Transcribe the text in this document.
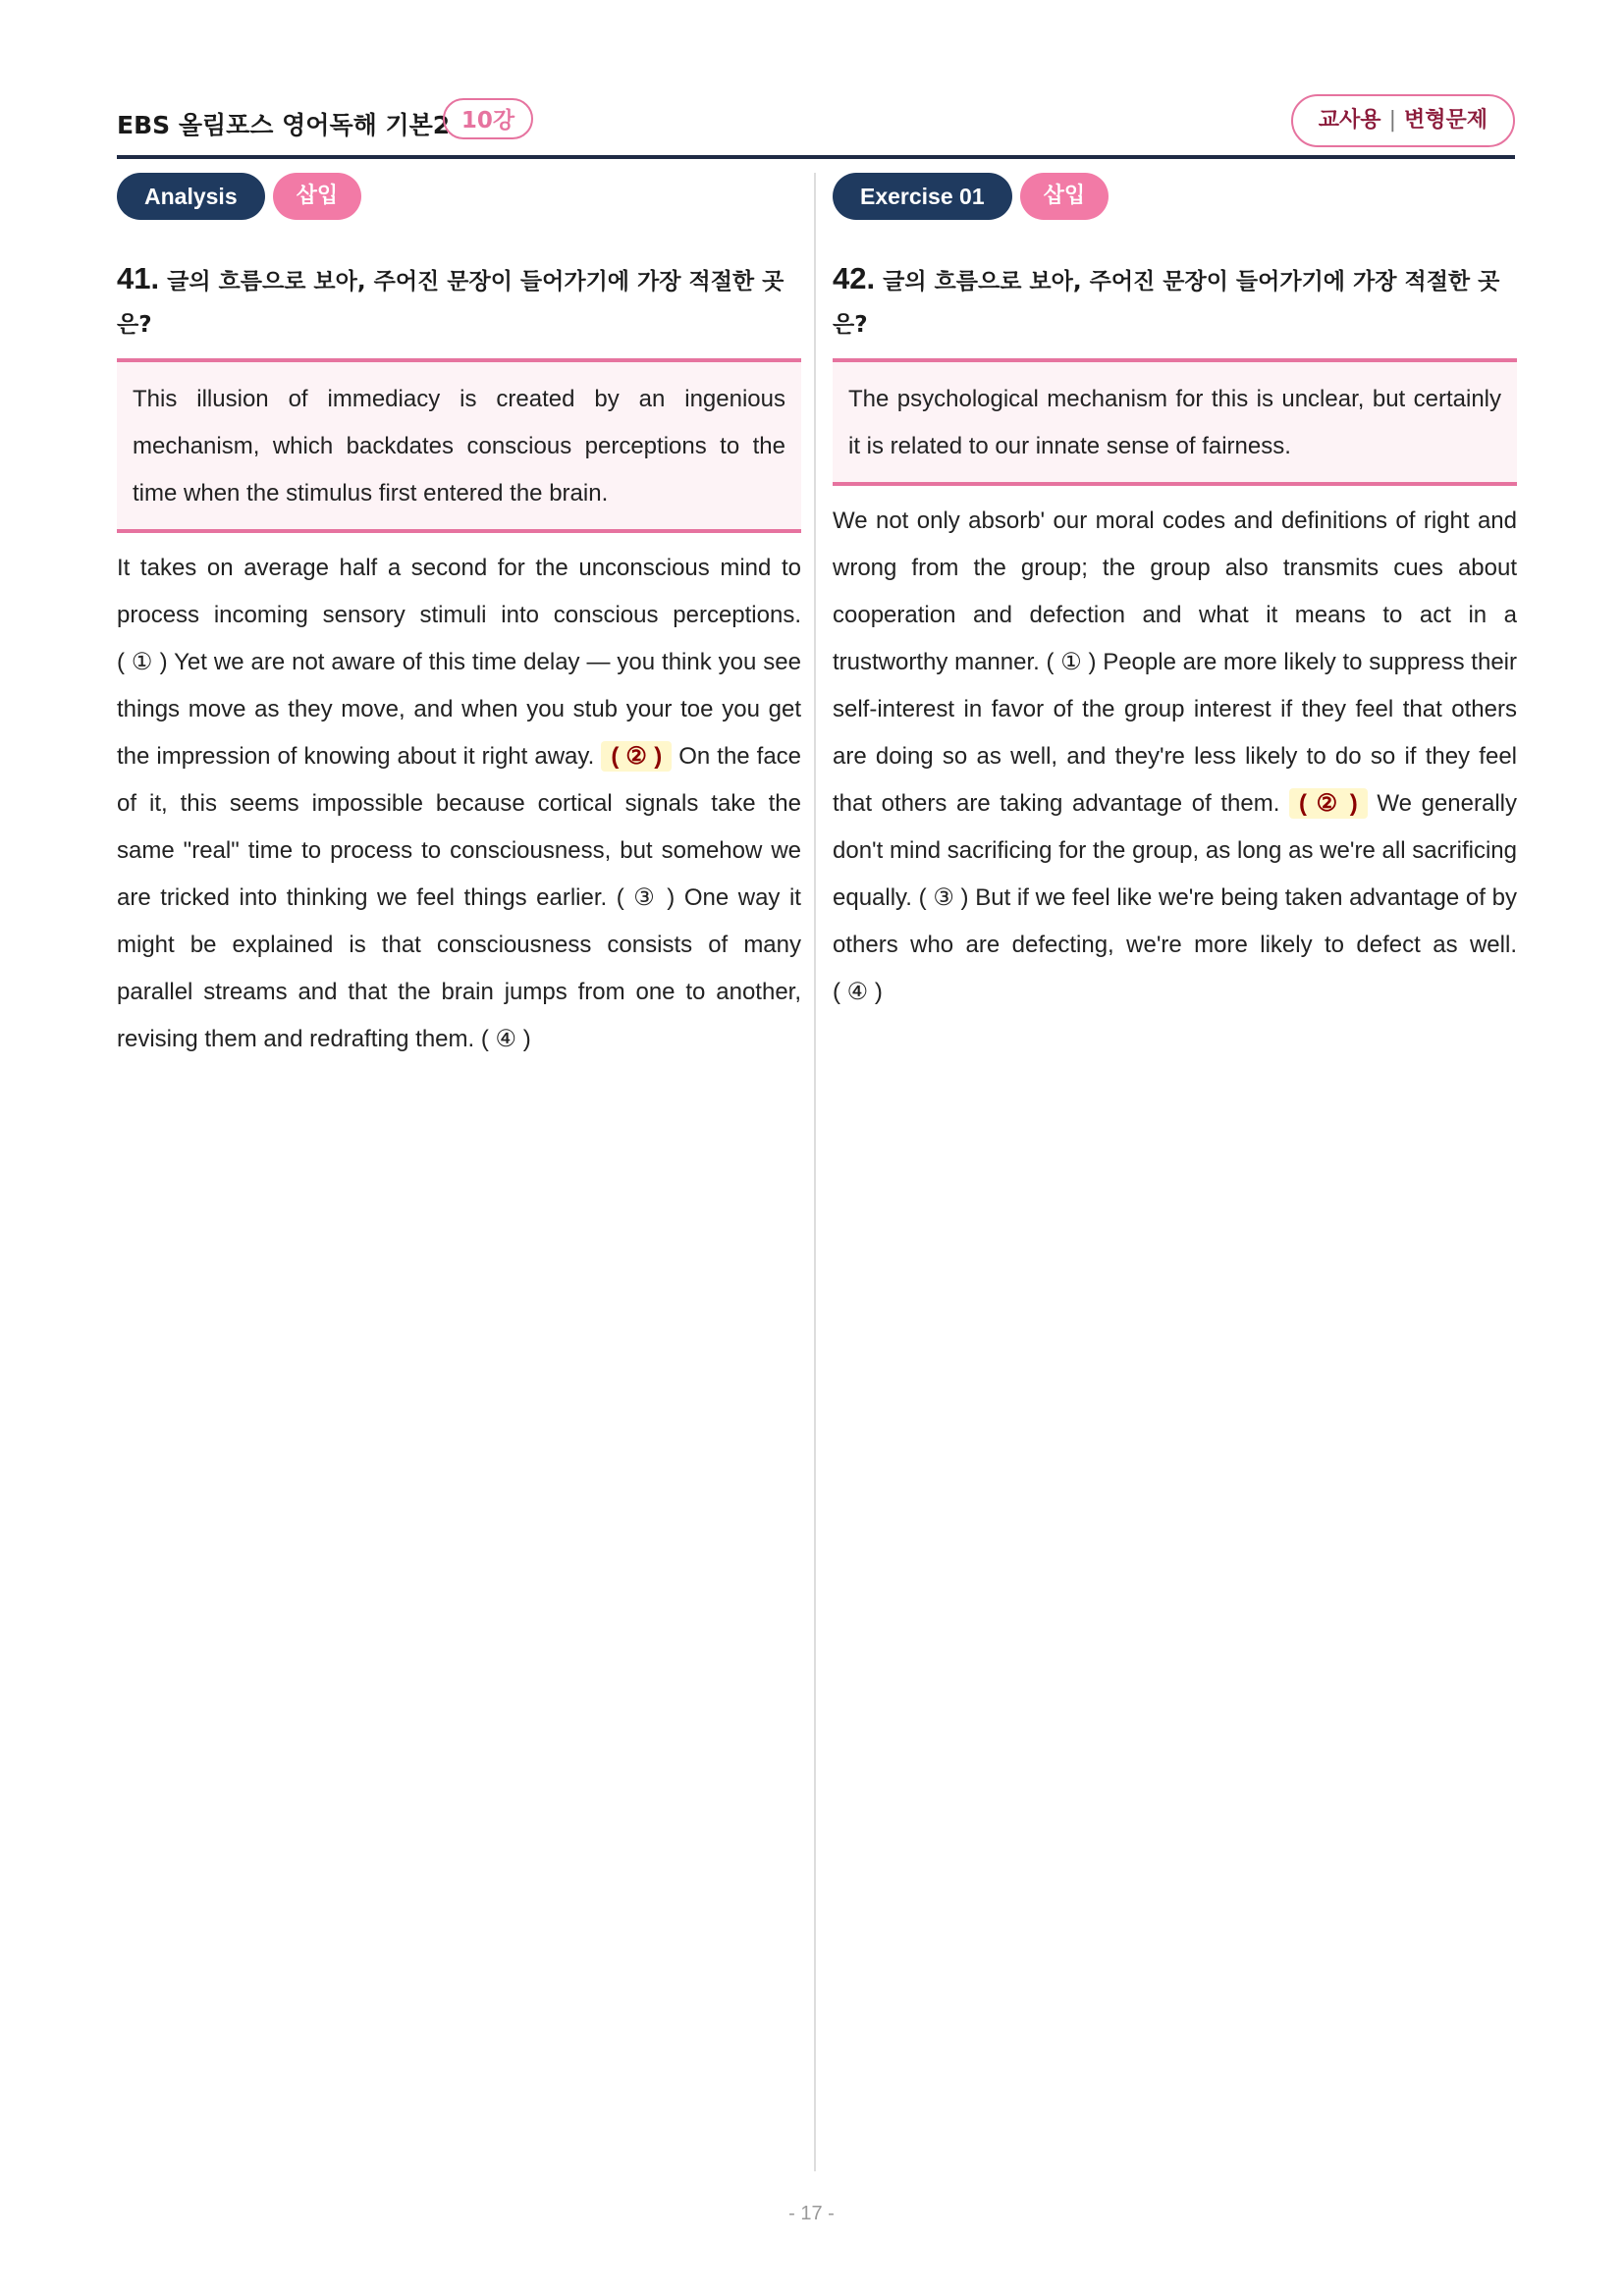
EBS 올림포스 영어독해 기본2 10강	교사용 | 변형문제
Analysis	삽입
41. 글의 흐름으로 보아, 주어진 문장이 들어가기에 가장 적절한 곳은?
This illusion of immediacy is created by an ingenious mechanism, which backdates conscious perceptions to the time when the stimulus first entered the brain.
It takes on average half a second for the unconscious mind to process incoming sensory stimuli into conscious perceptions. ( ① ) Yet we are not aware of this time delay — you think you see things move as they move, and when you stub your toe you get the impression of knowing about it right away. ( ② ) On the face of it, this seems impossible because cortical signals take the same "real" time to process to consciousness, but somehow we are tricked into thinking we feel things earlier. ( ③ ) One way it might be explained is that consciousness consists of many parallel streams and that the brain jumps from one to another, revising them and redrafting them. ( ④ )
Exercise 01	삽입
42. 글의 흐름으로 보아, 주어진 문장이 들어가기에 가장 적절한 곳은?
The psychological mechanism for this is unclear, but certainly it is related to our innate sense of fairness.
We not only absorb' our moral codes and definitions of right and wrong from the group; the group also transmits cues about cooperation and defection and what it means to act in a trustworthy manner. ( ① ) People are more likely to suppress their self-interest in favor of the group interest if they feel that others are doing so as well, and they're less likely to do so if they feel that others are taking advantage of them. ( ② ) We generally don't mind sacrificing for the group, as long as we're all sacrificing equally. ( ③ ) But if we feel like we're being taken advantage of by others who are defecting, we're more likely to defect as well. ( ④ )
- 17 -
